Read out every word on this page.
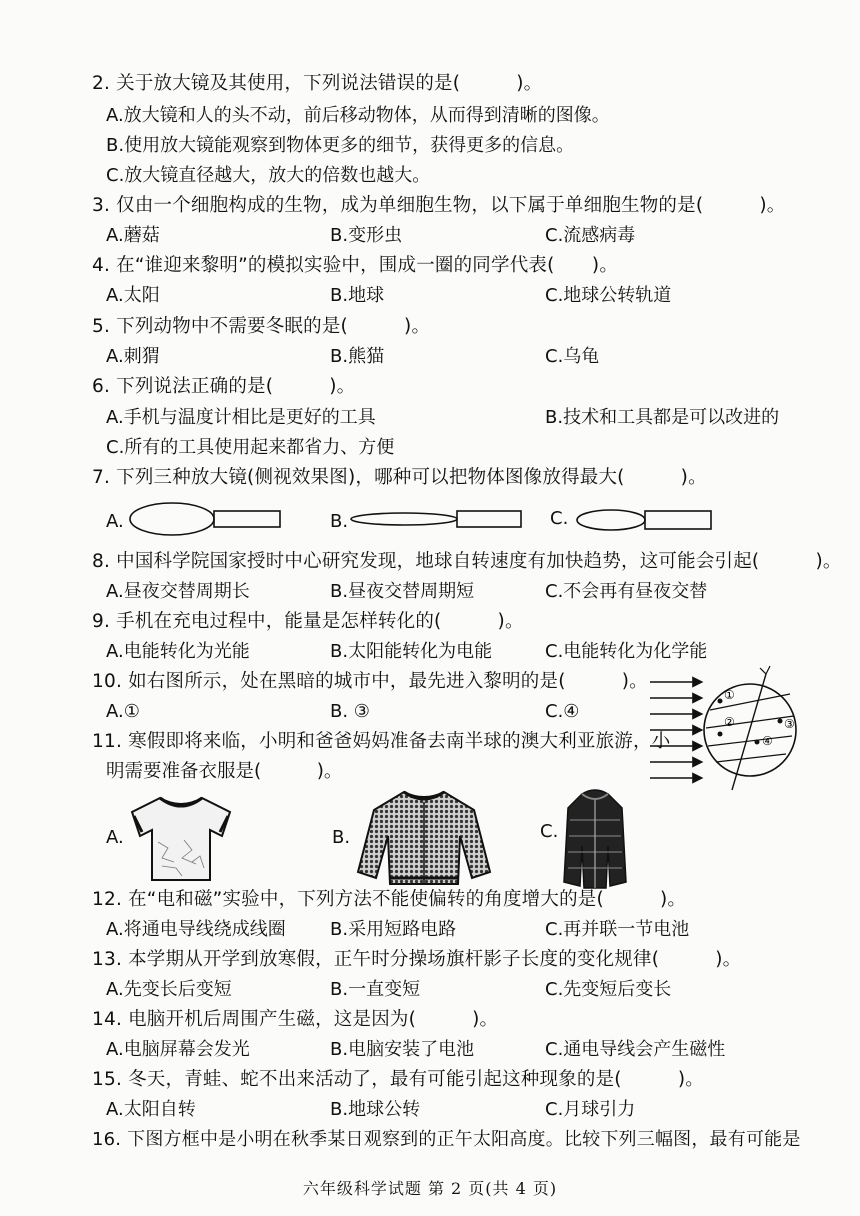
2. 关于放大镜及其使用，下列说法错误的是(　　　)。
A.放大镜和人的头不动，前后移动物体，从而得到清晰的图像。
B.使用放大镜能观察到物体更多的细节，获得更多的信息。
C.放大镜直径越大，放大的倍数也越大。
3. 仅由一个细胞构成的生物，成为单细胞生物，以下属于单细胞生物的是(　　　)。
A.蘑菇	B.变形虫	C.流感病毒
4. 在“谁迎来黎明”的模拟实验中，围成一圈的同学代表(　　)。
A.太阳	B.地球	C.地球公转轨道
5. 下列动物中不需要冬眠的是(　　　)。
A.刺猬	B.熊猫	C.乌龟
6. 下列说法正确的是(　　　)。
A.手机与温度计相比是更好的工具	B.技术和工具都是可以改进的
C.所有的工具使用起来都省力、方便
7. 下列三种放大镜(侧视效果图)，哪种可以把物体图像放得最大(　　　)。
A.	B.	C.
8. 中国科学院国家授时中心研究发现，地球自转速度有加快趋势，这可能会引起(　　　)。
A.昼夜交替周期长	B.昼夜交替周期短	C.不会再有昼夜交替
9. 手机在充电过程中，能量是怎样转化的(　　　)。
A.电能转化为光能	B.太阳能转化为电能	C.电能转化为化学能
10. 如右图所示，处在黑暗的城市中，最先进入黎明的是(　　　)。
A.①	B. ③	C.④
①
②	③
④
11. 寒假即将来临，小明和爸爸妈妈准备去南半球的澳大利亚旅游，小
明需要准备衣服是(　　　)。
A.	B.	C.
12. 在“电和磁”实验中，下列方法不能使偏转的角度增大的是(　　　)。
A.将通电导线绕成线圈 B.采用短路电路	C.再并联一节电池
13. 本学期从开学到放寒假，正午时分操场旗杆影子长度的变化规律(　　　)。
A.先变长后变短	B.一直变短	C.先变短后变长
14. 电脑开机后周围产生磁，这是因为(　　　)。
A.电脑屏幕会发光	B.电脑安装了电池	C.通电导线会产生磁性
15. 冬天，青蛙、蛇不出来活动了，最有可能引起这种现象的是(　　　)。
A.太阳自转	B.地球公转	C.月球引力
16. 下图方框中是小明在秋季某日观察到的正午太阳高度。比较下列三幅图，最有可能是
六年级科学试题 第 2 页(共 4 页)
